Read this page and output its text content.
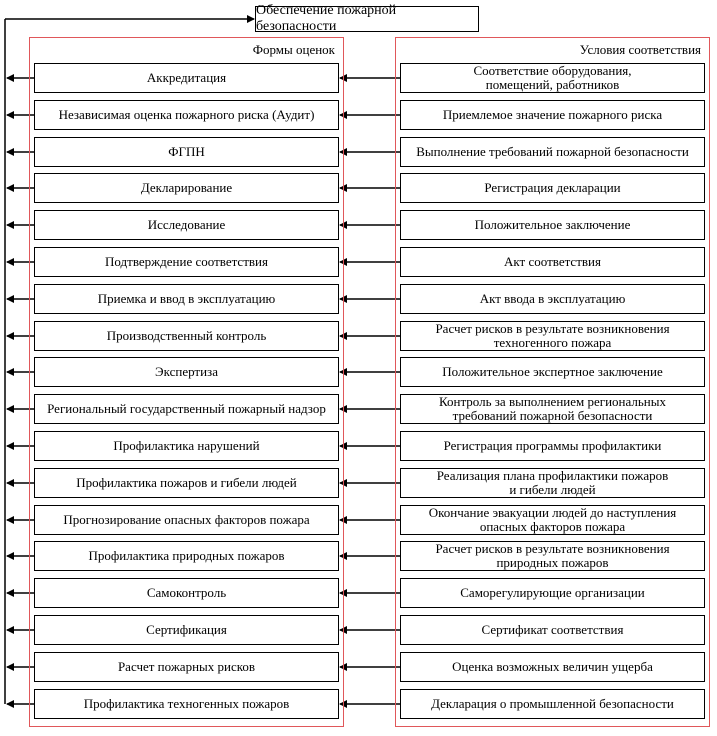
Обеспечение пожарной безопасности
Формы оценок	Условия соответствия
Аккредитация
Независимая оценка пожарного риска (Аудит)
ФГПН
Декларирование
Исследование
Подтверждение соответствия
Приемка и ввод в эксплуатацию
Производственный контроль
Экспертиза
Региональный государственный пожарный надзор
Профилактика нарушений
Профилактика пожаров и гибели людей
Прогнозирование опасных факторов пожара
Профилактика природных пожаров
Самоконтроль
Сертификация
Расчет пожарных рисков
Профилактика техногенных пожаров
Соответствие оборудования,
помещений, работников
Приемлемое значение пожарного риска
Выполнение требований пожарной безопасности
Регистрация декларации
Положительное заключение
Акт соответствия
Акт ввода в эксплуатацию
Расчет рисков в результате возникновения
техногенного пожара
Положительное экспертное заключение
Контроль за выполнением региональных
требований пожарной безопасности
Регистрация программы профилактики
Реализация плана профилактики пожаров
и гибели людей
Окончание эвакуации людей до наступления
опасных факторов пожара
Расчет рисков в результате возникновения
природных пожаров
Саморегулирующие организации
Сертификат соответствия
Оценка возможных величин ущерба
Декларация о промышленной безопасности
